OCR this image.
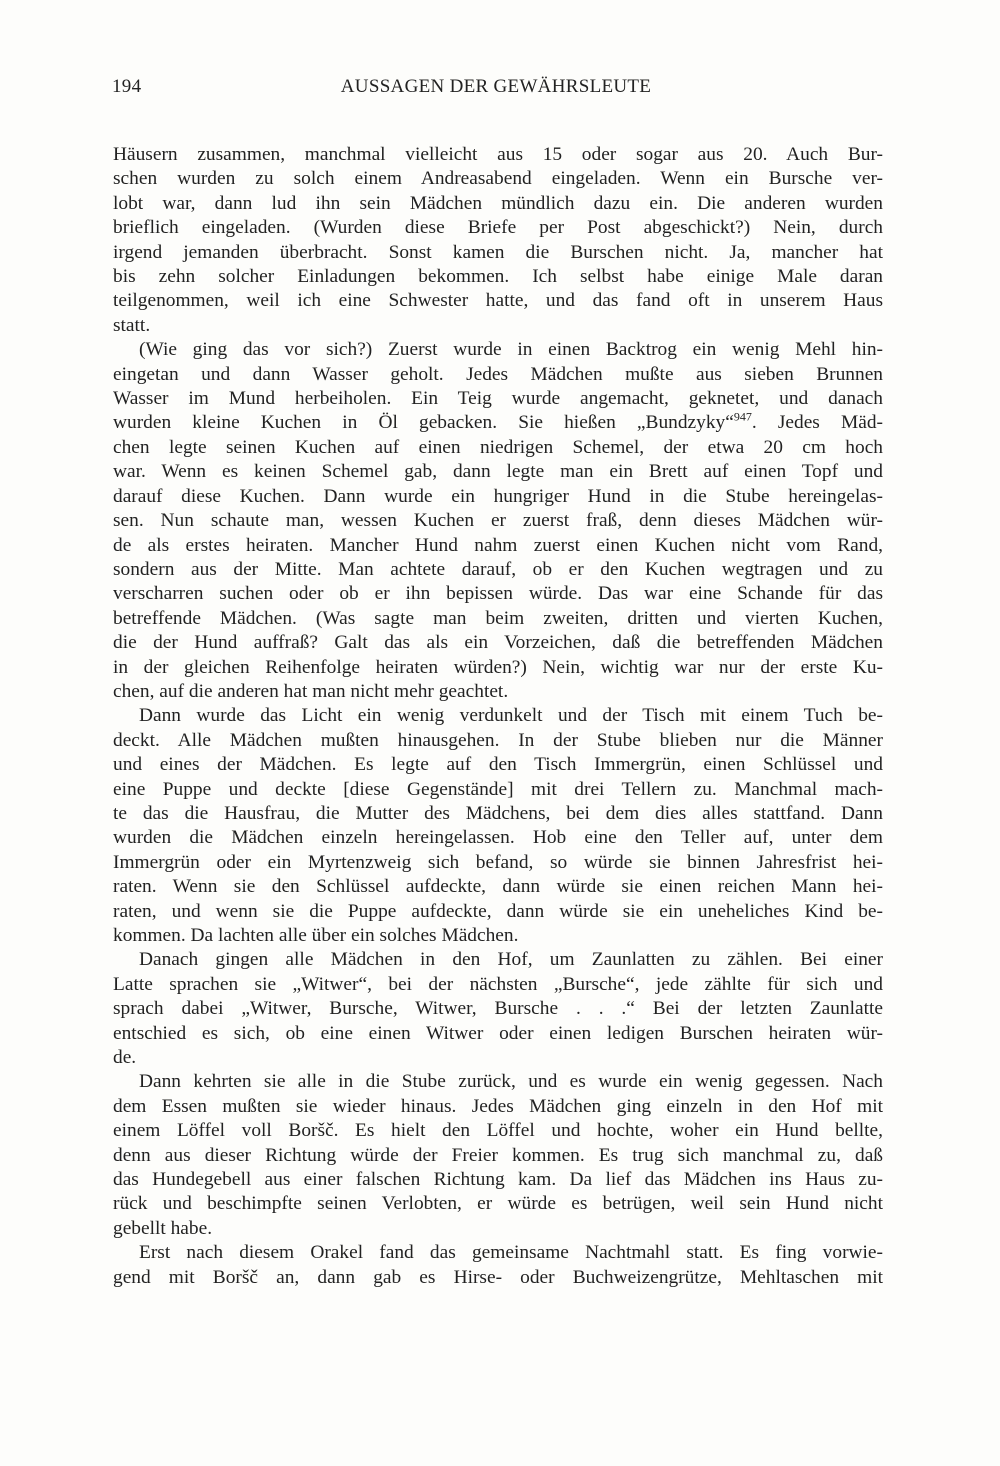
194	AUSSAGEN DER GEWÄHRSLEUTE
Häusern zusammen, manchmal vielleicht aus 15 oder sogar aus 20. Auch Bur-
schen wurden zu solch einem Andreasabend eingeladen. Wenn ein Bursche ver-
lobt war, dann lud ihn sein Mädchen mündlich dazu ein. Die anderen wurden
brieflich eingeladen. (Wurden diese Briefe per Post abgeschickt?) Nein, durch
irgend jemanden überbracht. Sonst kamen die Burschen nicht. Ja, mancher hat
bis zehn solcher Einladungen bekommen. Ich selbst habe einige Male daran
teilgenommen, weil ich eine Schwester hatte, und das fand oft in unserem Haus
statt.
(Wie ging das vor sich?) Zuerst wurde in einen Backtrog ein wenig Mehl hin-
eingetan und dann Wasser geholt. Jedes Mädchen mußte aus sieben Brunnen
Wasser im Mund herbeiholen. Ein Teig wurde angemacht, geknetet, und danach
wurden kleine Kuchen in Öl gebacken. Sie hießen „Bundzyky“$^{947}$. Jedes Mäd-
chen legte seinen Kuchen auf einen niedrigen Schemel, der etwa 20 cm hoch
war. Wenn es keinen Schemel gab, dann legte man ein Brett auf einen Topf und
darauf diese Kuchen. Dann wurde ein hungriger Hund in die Stube hereingelas-
sen. Nun schaute man, wessen Kuchen er zuerst fraß, denn dieses Mädchen wür-
de als erstes heiraten. Mancher Hund nahm zuerst einen Kuchen nicht vom Rand,
sondern aus der Mitte. Man achtete darauf, ob er den Kuchen wegtragen und zu
verscharren suchen oder ob er ihn bepissen würde. Das war eine Schande für das
betreffende Mädchen. (Was sagte man beim zweiten, dritten und vierten Kuchen,
die der Hund auffraß? Galt das als ein Vorzeichen, daß die betreffenden Mädchen
in der gleichen Reihenfolge heiraten würden?) Nein, wichtig war nur der erste Ku-
chen, auf die anderen hat man nicht mehr geachtet.
Dann wurde das Licht ein wenig verdunkelt und der Tisch mit einem Tuch be-
deckt. Alle Mädchen mußten hinausgehen. In der Stube blieben nur die Männer
und eines der Mädchen. Es legte auf den Tisch Immergrün, einen Schlüssel und
eine Puppe und deckte [diese Gegenstände] mit drei Tellern zu. Manchmal mach-
te das die Hausfrau, die Mutter des Mädchens, bei dem dies alles stattfand. Dann
wurden die Mädchen einzeln hereingelassen. Hob eine den Teller auf, unter dem
Immergrün oder ein Myrtenzweig sich befand, so würde sie binnen Jahresfrist hei-
raten. Wenn sie den Schlüssel aufdeckte, dann würde sie einen reichen Mann hei-
raten, und wenn sie die Puppe aufdeckte, dann würde sie ein uneheliches Kind be-
kommen. Da lachten alle über ein solches Mädchen.
Danach gingen alle Mädchen in den Hof, um Zaunlatten zu zählen. Bei einer
Latte sprachen sie „Witwer“, bei der nächsten „Bursche“, jede zählte für sich und
sprach dabei „Witwer, Bursche, Witwer, Bursche . . .“ Bei der letzten Zaunlatte
entschied es sich, ob eine einen Witwer oder einen ledigen Burschen heiraten wür-
de.
Dann kehrten sie alle in die Stube zurück, und es wurde ein wenig gegessen. Nach
dem Essen mußten sie wieder hinaus. Jedes Mädchen ging einzeln in den Hof mit
einem Löffel voll Boršč. Es hielt den Löffel und hochte, woher ein Hund bellte,
denn aus dieser Richtung würde der Freier kommen. Es trug sich manchmal zu, daß
das Hundegebell aus einer falschen Richtung kam. Da lief das Mädchen ins Haus zu-
rück und beschimpfte seinen Verlobten, er würde es betrügen, weil sein Hund nicht
gebellt habe.
Erst nach diesem Orakel fand das gemeinsame Nachtmahl statt. Es fing vorwie-
gend mit Boršč an, dann gab es Hirse- oder Buchweizengrütze, Mehltaschen mit
